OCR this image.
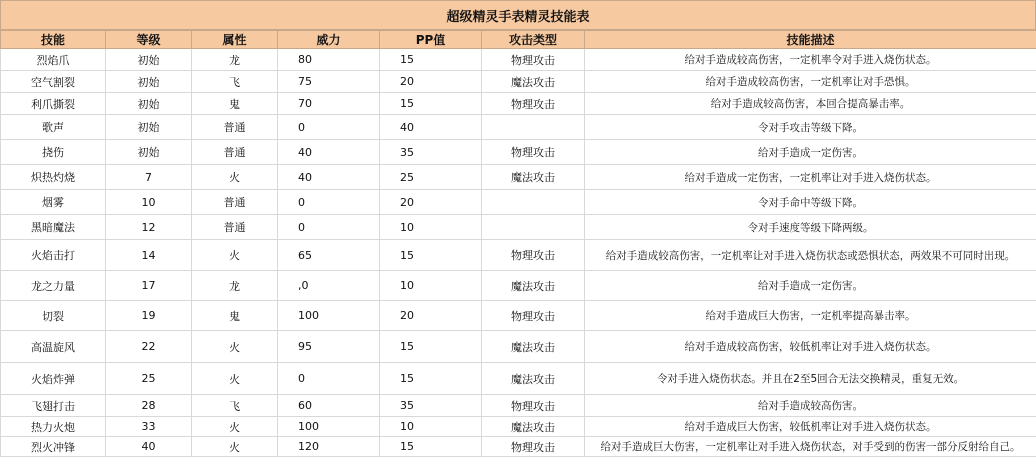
超级精灵手表精灵技能表
技能	等级	属性	威力	PP值	攻击类型	技能描述
烈焰爪	初始	龙	80	15	物理攻击	给对手造成较高伤害，一定机率令对手进入烧伤状态。
空气割裂	初始	飞	75	20	魔法攻击	给对手造成较高伤害，一定机率让对手恐惧。
利爪撕裂	初始	鬼	70	15	物理攻击	给对手造成较高伤害，本回合提高暴击率。
歌声	初始	普通	0	40		令对手攻击等级下降。
挠伤	初始	普通	40	35	物理攻击	给对手造成一定伤害。
炽热灼烧	7	火	40	25	魔法攻击	给对手造成一定伤害，一定机率让对手进入烧伤状态。
烟雾	10	普通	0	20		令对手命中等级下降。
黑暗魔法	12	普通	0	10		令对手速度等级下降两级。
火焰击打	14	火	65	15	物理攻击	给对手造成较高伤害，一定机率让对手进入烧伤状态或恐惧状态，两效果不可同时出现。
龙之力量	17	龙	,0	10	魔法攻击	给对手造成一定伤害。
切裂	19	鬼	100	20	物理攻击	给对手造成巨大伤害，一定机率提高暴击率。
高温旋风	22	火	95	15	魔法攻击	给对手造成较高伤害，较低机率让对手进入烧伤状态。
火焰炸弹	25	火	0	15	魔法攻击	令对手进入烧伤状态。并且在2至5回合无法交换精灵，重复无效。
飞翅打击	28	飞	60	35	物理攻击	给对手造成较高伤害。
热力火炮	33	火	100	10	魔法攻击	给对手造成巨大伤害，较低机率让对手进入烧伤状态。
烈火冲锋	40	火	120	15	物理攻击	给对手造成巨大伤害，一定机率让对手进入烧伤状态，对手受到的伤害一部分反射给自己。
